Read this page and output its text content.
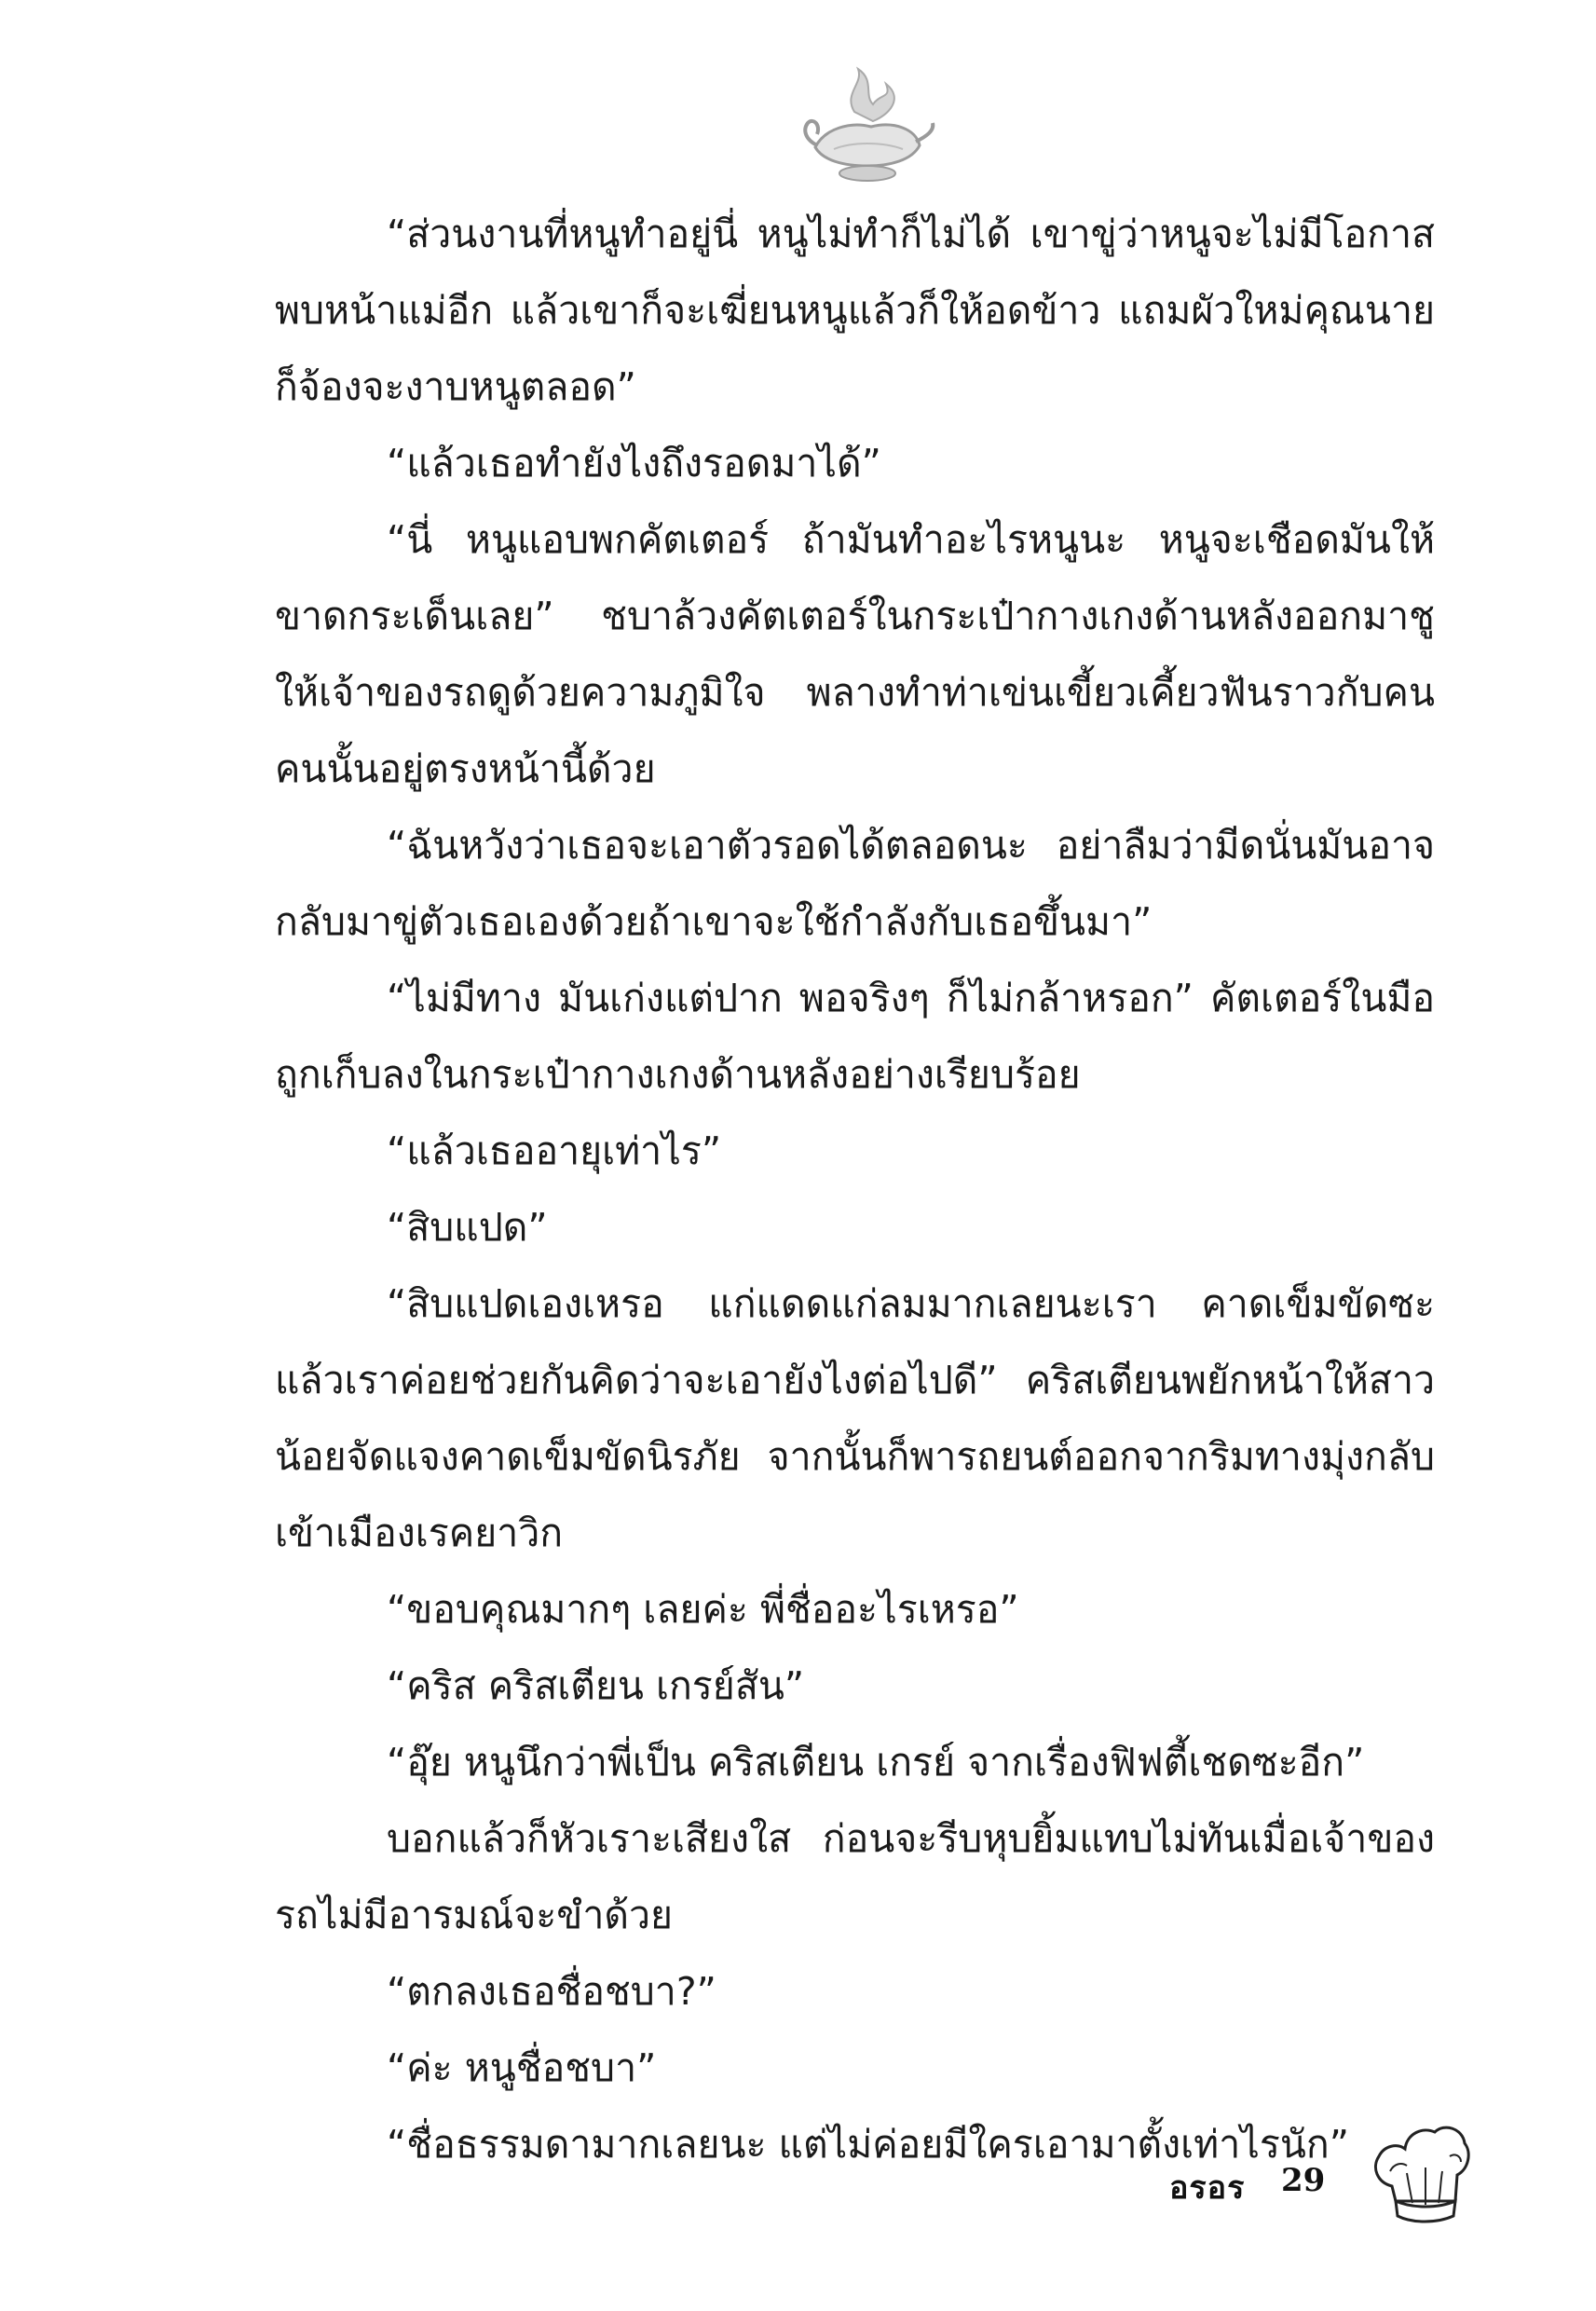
“ส่วนงานที่หนูทำอยู่นี่ หนูไม่ทำก็ไม่ได้ เขาขู่ว่าหนูจะไม่มีโอกาสพบหน้าแม่อีก แล้วเขาก็จะเฆี่ยนหนูแล้วก็ให้อดข้าว แถมผัวใหม่คุณนายก็จ้องจะงาบหนูตลอด”

“แล้วเธอทำยังไงถึงรอดมาได้”

“นี่ หนูแอบพกคัตเตอร์ ถ้ามันทำอะไรหนูนะ หนูจะเชือดมันให้ขาดกระเด็นเลย” ชบาล้วงคัตเตอร์ในกระเป๋ากางเกงด้านหลังออกมาชูให้เจ้าของรถดูด้วยความภูมิใจ พลางทำท่าเข่นเขี้ยวเคี้ยวฟันราวกับคนคนนั้นอยู่ตรงหน้านี้ด้วย

“ฉันหวังว่าเธอจะเอาตัวรอดได้ตลอดนะ อย่าลืมว่ามีดนั่นมันอาจกลับมาขู่ตัวเธอเองด้วยถ้าเขาจะใช้กำลังกับเธอขึ้นมา”

“ไม่มีทาง มันเก่งแต่ปาก พอจริงๆ ก็ไม่กล้าหรอก” คัตเตอร์ในมือถูกเก็บลงในกระเป๋ากางเกงด้านหลังอย่างเรียบร้อย

“แล้วเธออายุเท่าไร”

“สิบแปด”

“สิบแปดเองเหรอ แก่แดดแก่ลมมากเลยนะเรา คาดเข็มขัดซะแล้วเราค่อยช่วยกันคิดว่าจะเอายังไงต่อไปดี” คริสเตียนพยักหน้าให้สาวน้อยจัดแจงคาดเข็มขัดนิรภัย จากนั้นก็พารถยนต์ออกจากริมทางมุ่งกลับเข้าเมืองเรคยาวิก

“ขอบคุณมากๆ เลยค่ะ พี่ชื่ออะไรเหรอ”

“คริส คริสเตียน เกรย์สัน”

“อุ๊ย หนูนึกว่าพี่เป็น คริสเตียน เกรย์ จากเรื่องฟิฟตี้เชดซะอีก”

บอกแล้วก็หัวเราะเสียงใส ก่อนจะรีบหุบยิ้มแทบไม่ทันเมื่อเจ้าของรถไม่มีอารมณ์จะขำด้วย

“ตกลงเธอชื่อชบา?”

“ค่ะ หนูชื่อชบา”

“ชื่อธรรมดามากเลยนะ แต่ไม่ค่อยมีใครเอามาตั้งเท่าไรนัก”

อรอร 29
